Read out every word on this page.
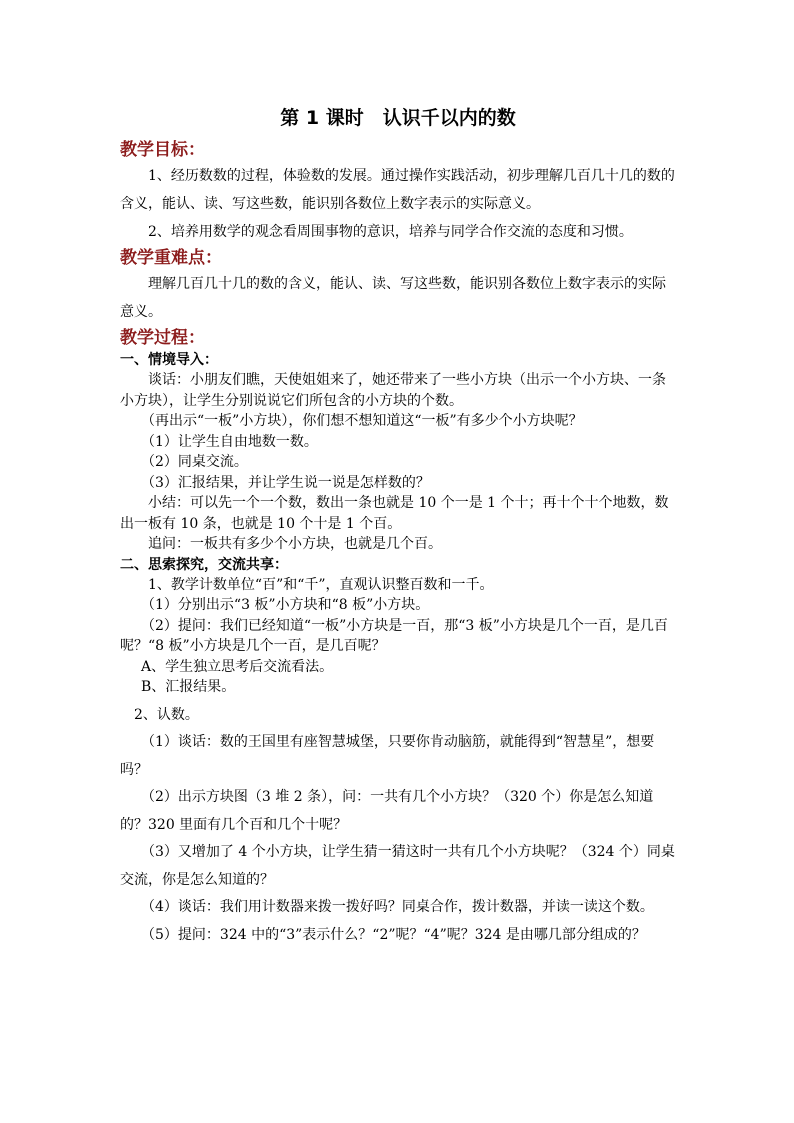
第 1 课时　认识千以内的数

教学目标：

1、经历数数的过程，体验数的发展。通过操作实践活动，初步理解几百几十几的数的含义，能认、读、写这些数，能识别各数位上数字表示的实际意义。

2、培养用数学的观念看周围事物的意识，培养与同学合作交流的态度和习惯。

教学重难点：

理解几百几十几的数的含义，能认、读、写这些数，能识别各数位上数字表示的实际意义。

教学过程：

一、情境导入：

谈话：小朋友们瞧，天使姐姐来了，她还带来了一些小方块（出示一个小方块、一条小方块），让学生分别说说它们所包含的小方块的个数。

（再出示“一板”小方块），你们想不想知道这“一板”有多少个小方块呢？

（1）让学生自由地数一数。

（2）同桌交流。

（3）汇报结果，并让学生说一说是怎样数的？

小结：可以先一个一个数，数出一条也就是 10 个一是 1 个十；再十个十个地数，数出一板有 10 条，也就是 10 个十是 1 个百。

追问：一板共有多少个小方块，也就是几个百。

二、思索探究，交流共享：

1、教学计数单位“百”和“千”，直观认识整百数和一千。

（1）分别出示“3 板”小方块和“8 板”小方块。

（2）提问：我们已经知道“一板”小方块是一百，那“3 板”小方块是几个一百，是几百呢？“8 板”小方块是几个一百，是几百呢？

A、学生独立思考后交流看法。

B、汇报结果。

2、认数。

（1）谈话：数的王国里有座智慧城堡，只要你肯动脑筋，就能得到“智慧星”，想要吗？

（2）出示方块图（3 堆 2 条），问：一共有几个小方块？（320 个）你是怎么知道的？320 里面有几个百和几个十呢？

（3）又增加了 4 个小方块，让学生猜一猜这时一共有几个小方块呢？（324 个）同桌交流，你是怎么知道的？

（4）谈话：我们用计数器来拨一拨好吗？同桌合作，拨计数器，并读一读这个数。

（5）提问：324 中的“3”表示什么？“2”呢？“4”呢？324 是由哪几部分组成的？
